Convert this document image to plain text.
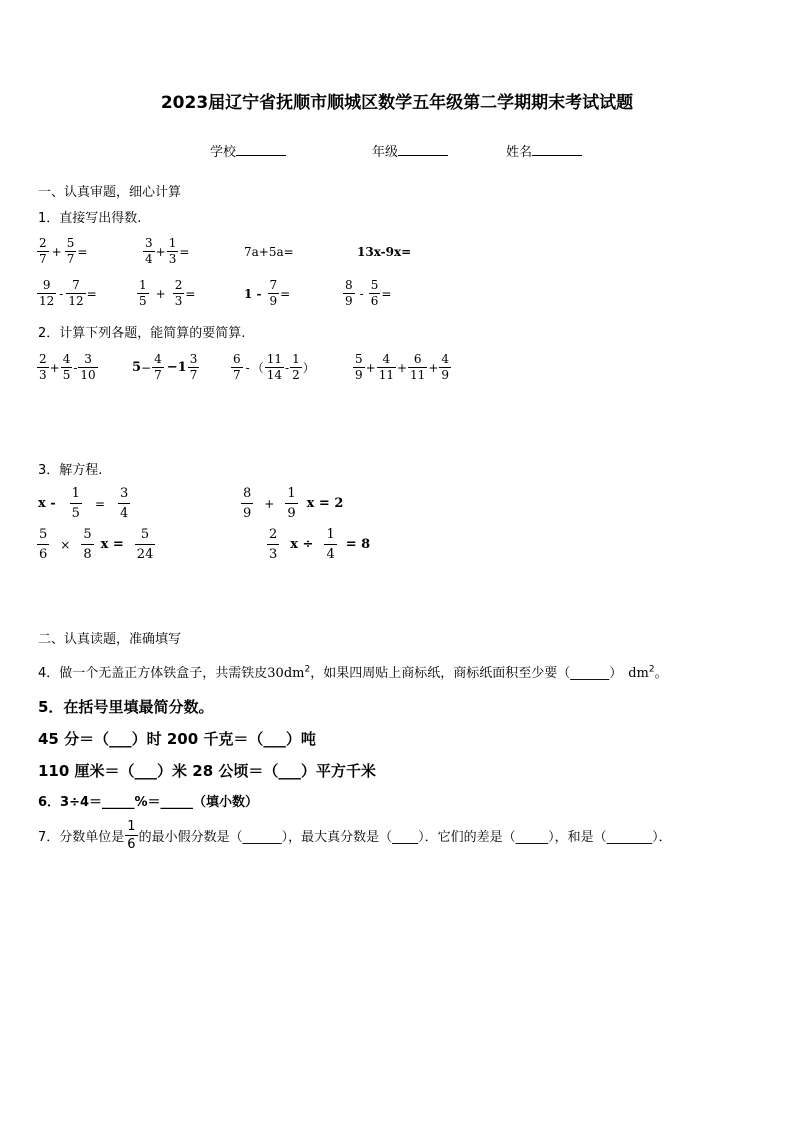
2023届辽宁省抚顺市顺城区数学五年级第二学期期末考试试题
学校	年级	姓名
一、认真审题，细心计算
1．直接写出得数.
$\frac{2}{7} + \frac{5}{7}$ =	$\frac{3}{4} + \frac{1}{3}$ =	7a+5a=	13x-9x=
$\frac{9}{12} - \frac{7}{12}$ =	$\frac{1}{5} + \frac{2}{3}$ =	$1 - \frac{7}{9}$ =	$\frac{8}{9} - \frac{5}{6}$ =
2．计算下列各题，能简算的要简算.
$\frac{2}{3} + \frac{4}{5} - \frac{3}{10}$	$5 - \frac{4}{7} -1 \frac{3}{7}$	$\frac{6}{7}$ - （ $\frac{11}{14} - \frac{1}{2}$ ）	$\frac{5}{9} + \frac{4}{11} + \frac{6}{11} + \frac{4}{9}$
3．解方程.
$x - \frac{1}{5} = \frac{3}{4}$	$\frac{8}{9} + \frac{1}{9}$ x = 2
$\frac{5}{6} \times \frac{5}{8}$ $x = \frac{5}{24}$	$\frac{2}{3}$ $x \div \frac{1}{4} = 8$
二、认真读题，准确填写
4．做一个无盖正方体铁盒子，共需铁皮$30dm^2$，如果四周贴上商标纸，商标纸面积至少要（______） $dm^2$。
5．在括号里填最简分数。
45 分＝（___）时 200 千克＝（___）吨
110 厘米＝（___）米 28 公顷＝（___）平方千米
6．3÷4＝_____%＝_____（填小数）
7．分数单位是 $\frac{1}{6}$ 的最小假分数是（______），最大真分数是（____）．它们的差是（_____），和是（_______）．
